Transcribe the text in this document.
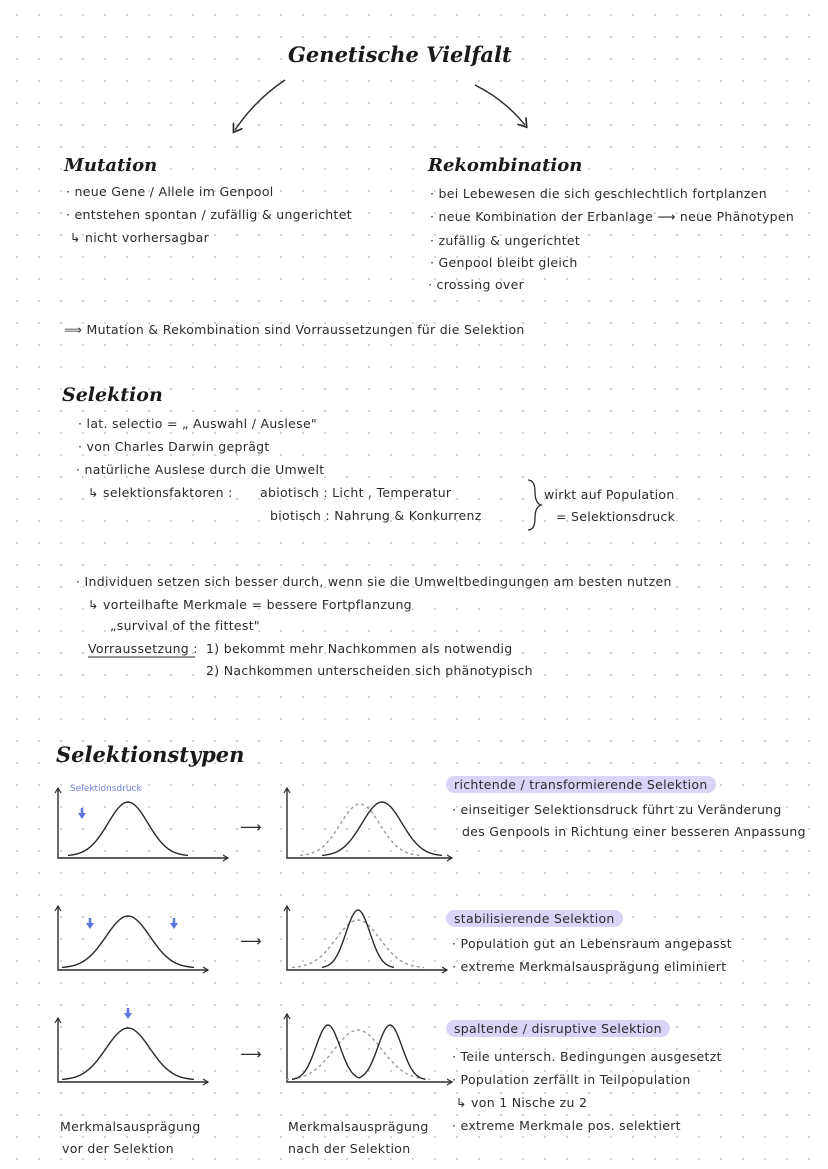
Genetische Vielfalt
Mutation
· neue Gene / Allele im Genpool
· entstehen spontan / zufällig & ungerichtet
↳ nicht vorhersagbar
Rekombination
· bei Lebewesen die sich geschlechtlich fortplanzen
· neue Kombination der Erbanlage ⟶ neue Phänotypen
· zufällig & ungerichtet
· Genpool bleibt gleich
· crossing over
⟹ Mutation & Rekombination sind Vorraussetzungen für die Selektion
Selektion
· lat. selectio = „ Auswahl / Auslese"
· von Charles Darwin geprägt
· natürliche Auslese durch die Umwelt
↳ selektionsfaktoren : abiotisch : Licht , Temperatur
biotisch : Nahrung & Konkurrenz
wirkt auf Population
= Selektionsdruck
· Individuen setzen sich besser durch, wenn sie die Umweltbedingungen am besten nutzen
↳ vorteilhafte Merkmale = bessere Fortpflanzung
„survival of the fittest"
Vorraussetzung : 1) bekommt mehr Nachkommen als notwendig
2) Nachkommen unterscheiden sich phänotypisch
Selektionstypen
Selektionsdruck
⟶
⟶
⟶
richtende / transformierende Selektion
· einseitiger Selektionsdruck führt zu Veränderung
des Genpools in Richtung einer besseren Anpassung
stabilisierende Selektion
· Population gut an Lebensraum angepasst
· extreme Merkmalsausprägung eliminiert
spaltende / disruptive Selektion
· Teile untersch. Bedingungen ausgesetzt
· Population zerfällt in Teilpopulation
↳ von 1 Nische zu 2
· extreme Merkmale pos. selektiert
Merkmalsausprägung
vor der Selektion
Merkmalsausprägung
nach der Selektion
